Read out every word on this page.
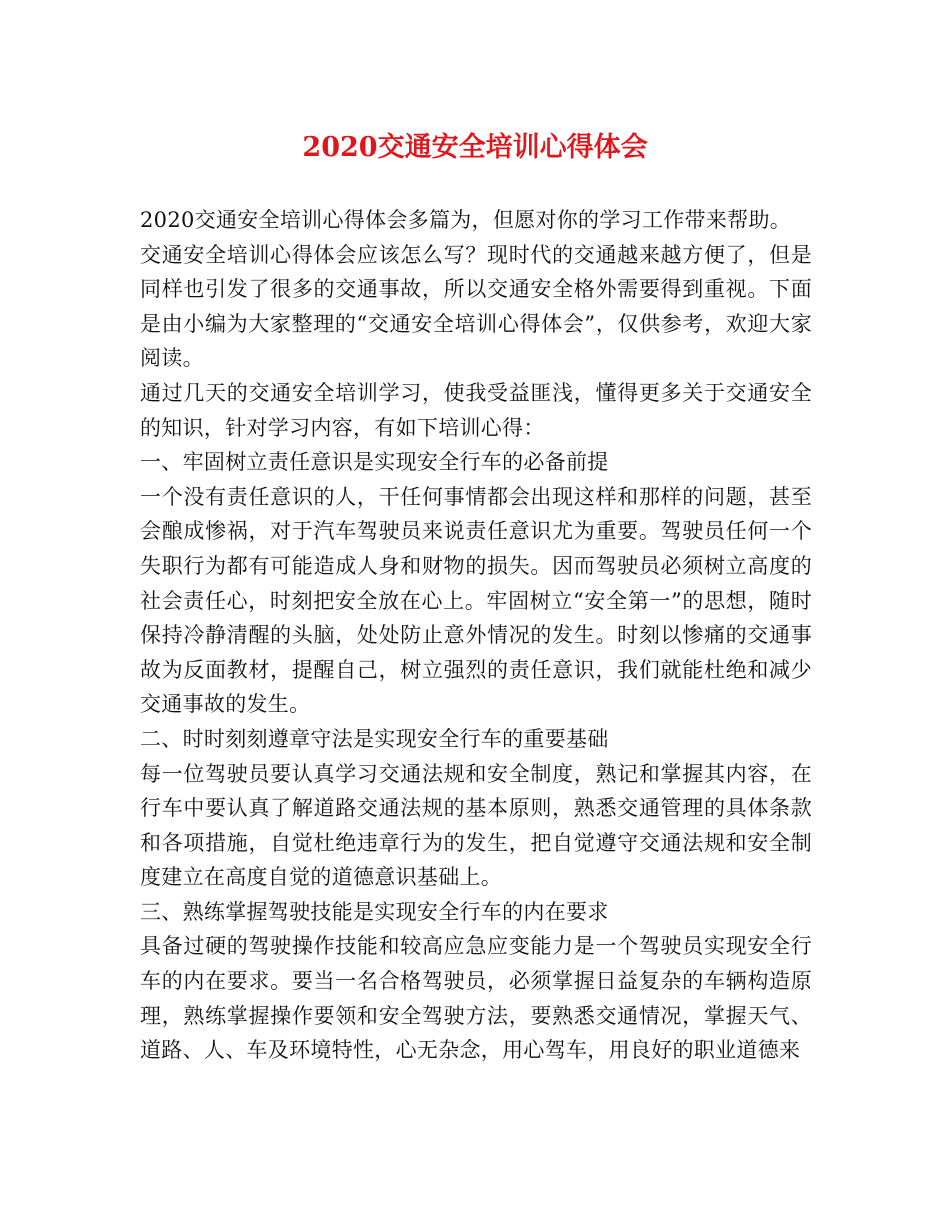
2020交通安全培训心得体会

2020交通安全培训心得体会多篇为，但愿对你的学习工作带来帮助。

交通安全培训心得体会应该怎么写？现时代的交通越来越方便了，但是同样也引发了很多的交通事故，所以交通安全格外需要得到重视。下面是由小编为大家整理的“交通安全培训心得体会”，仅供参考，欢迎大家阅读。

通过几天的交通安全培训学习，使我受益匪浅，懂得更多关于交通安全的知识，针对学习内容，有如下培训心得：

一、牢固树立责任意识是实现安全行车的必备前提

一个没有责任意识的人，干任何事情都会出现这样和那样的问题，甚至会酿成惨祸，对于汽车驾驶员来说责任意识尤为重要。驾驶员任何一个失职行为都有可能造成人身和财物的损失。因而驾驶员必须树立高度的社会责任心，时刻把安全放在心上。牢固树立“安全第一”的思想，随时保持冷静清醒的头脑，处处防止意外情况的发生。时刻以惨痛的交通事故为反面教材，提醒自己，树立强烈的责任意识，我们就能杜绝和减少交通事故的发生。

二、时时刻刻遵章守法是实现安全行车的重要基础

每一位驾驶员要认真学习交通法规和安全制度，熟记和掌握其内容，在行车中要认真了解道路交通法规的基本原则，熟悉交通管理的具体条款和各项措施，自觉杜绝违章行为的发生，把自觉遵守交通法规和安全制度建立在高度自觉的道德意识基础上。

三、熟练掌握驾驶技能是实现安全行车的内在要求

具备过硬的驾驶操作技能和较高应急应变能力是一个驾驶员实现安全行车的内在要求。要当一名合格驾驶员，必须掌握日益复杂的车辆构造原理，熟练掌握操作要领和安全驾驶方法，要熟悉交通情况，掌握天气、道路、人、车及环境特性，心无杂念，用心驾车，用良好的职业道德来
